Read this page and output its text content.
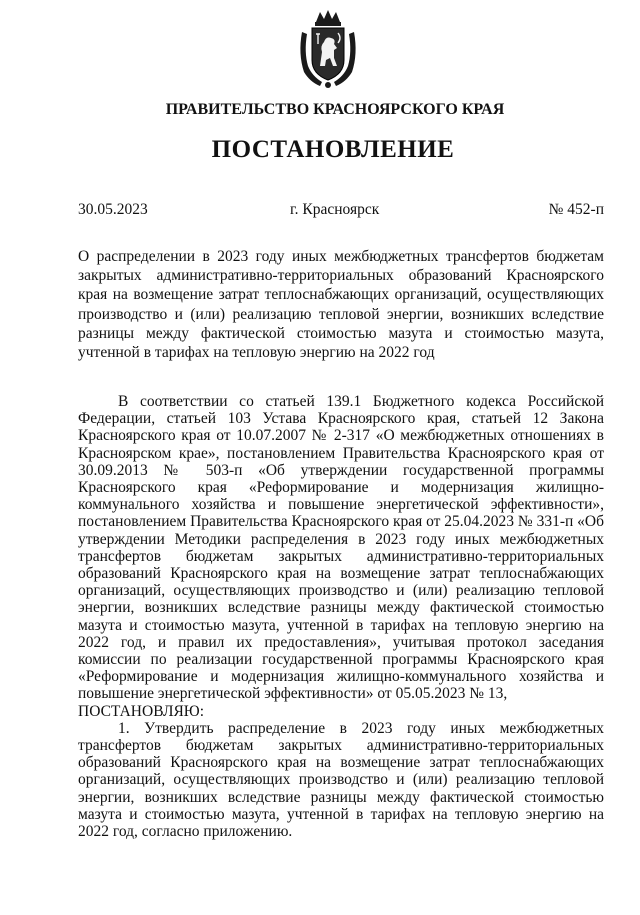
ПРАВИТЕЛЬСТВО КРАСНОЯРСКОГО КРАЯ
ПОСТАНОВЛЕНИЕ
30.05.2023	г. Красноярск	№ 452-п
О распределении в 2023 году иных межбюджетных трансфертов бюджетам закрытых административно-территориальных образований Красноярского края на возмещение затрат теплоснабжающих организаций, осуществляющих производство и (или) реализацию тепловой энергии, возникших вследствие разницы между фактической стоимостью мазута и стоимостью мазута, учтенной в тарифах на тепловую энергию на 2022 год

В соответствии со статьей 139.1 Бюджетного кодекса Российской Федерации, статьей 103 Устава Красноярского края, статьей 12 Закона Красноярского края от 10.07.2007 № 2-317 «О межбюджетных отношениях в Красноярском крае», постановлением Правительства Красноярского края от 30.09.2013 № 503-п «Об утверждении государственной программы Красноярского края «Реформирование и модернизация жилищно-коммунального хозяйства и повышение энергетической эффективности», постановлением Правительства Красноярского края от 25.04.2023 № 331-п «Об утверждении Методики распределения в 2023 году иных межбюджетных трансфертов бюджетам закрытых административно-территориальных образований Красноярского края на возмещение затрат теплоснабжающих организаций, осуществляющих производство и (или) реализацию тепловой энергии, возникших вследствие разницы между фактической стоимостью мазута и стоимостью мазута, учтенной в тарифах на тепловую энергию на 2022 год, и правил их предоставления», учитывая протокол заседания комиссии по реализации государственной программы Красноярского края «Реформирование и модернизация жилищно-коммунального хозяйства и повышение энергетической эффективности» от 05.05.2023 № 13,
ПОСТАНОВЛЯЮ:

1. Утвердить распределение в 2023 году иных межбюджетных трансфертов бюджетам закрытых административно-территориальных образований Красноярского края на возмещение затрат теплоснабжающих организаций, осуществляющих производство и (или) реализацию тепловой энергии, возникших вследствие разницы между фактической стоимостью мазута и стоимостью мазута, учтенной в тарифах на тепловую энергию на 2022 год, согласно приложению.
